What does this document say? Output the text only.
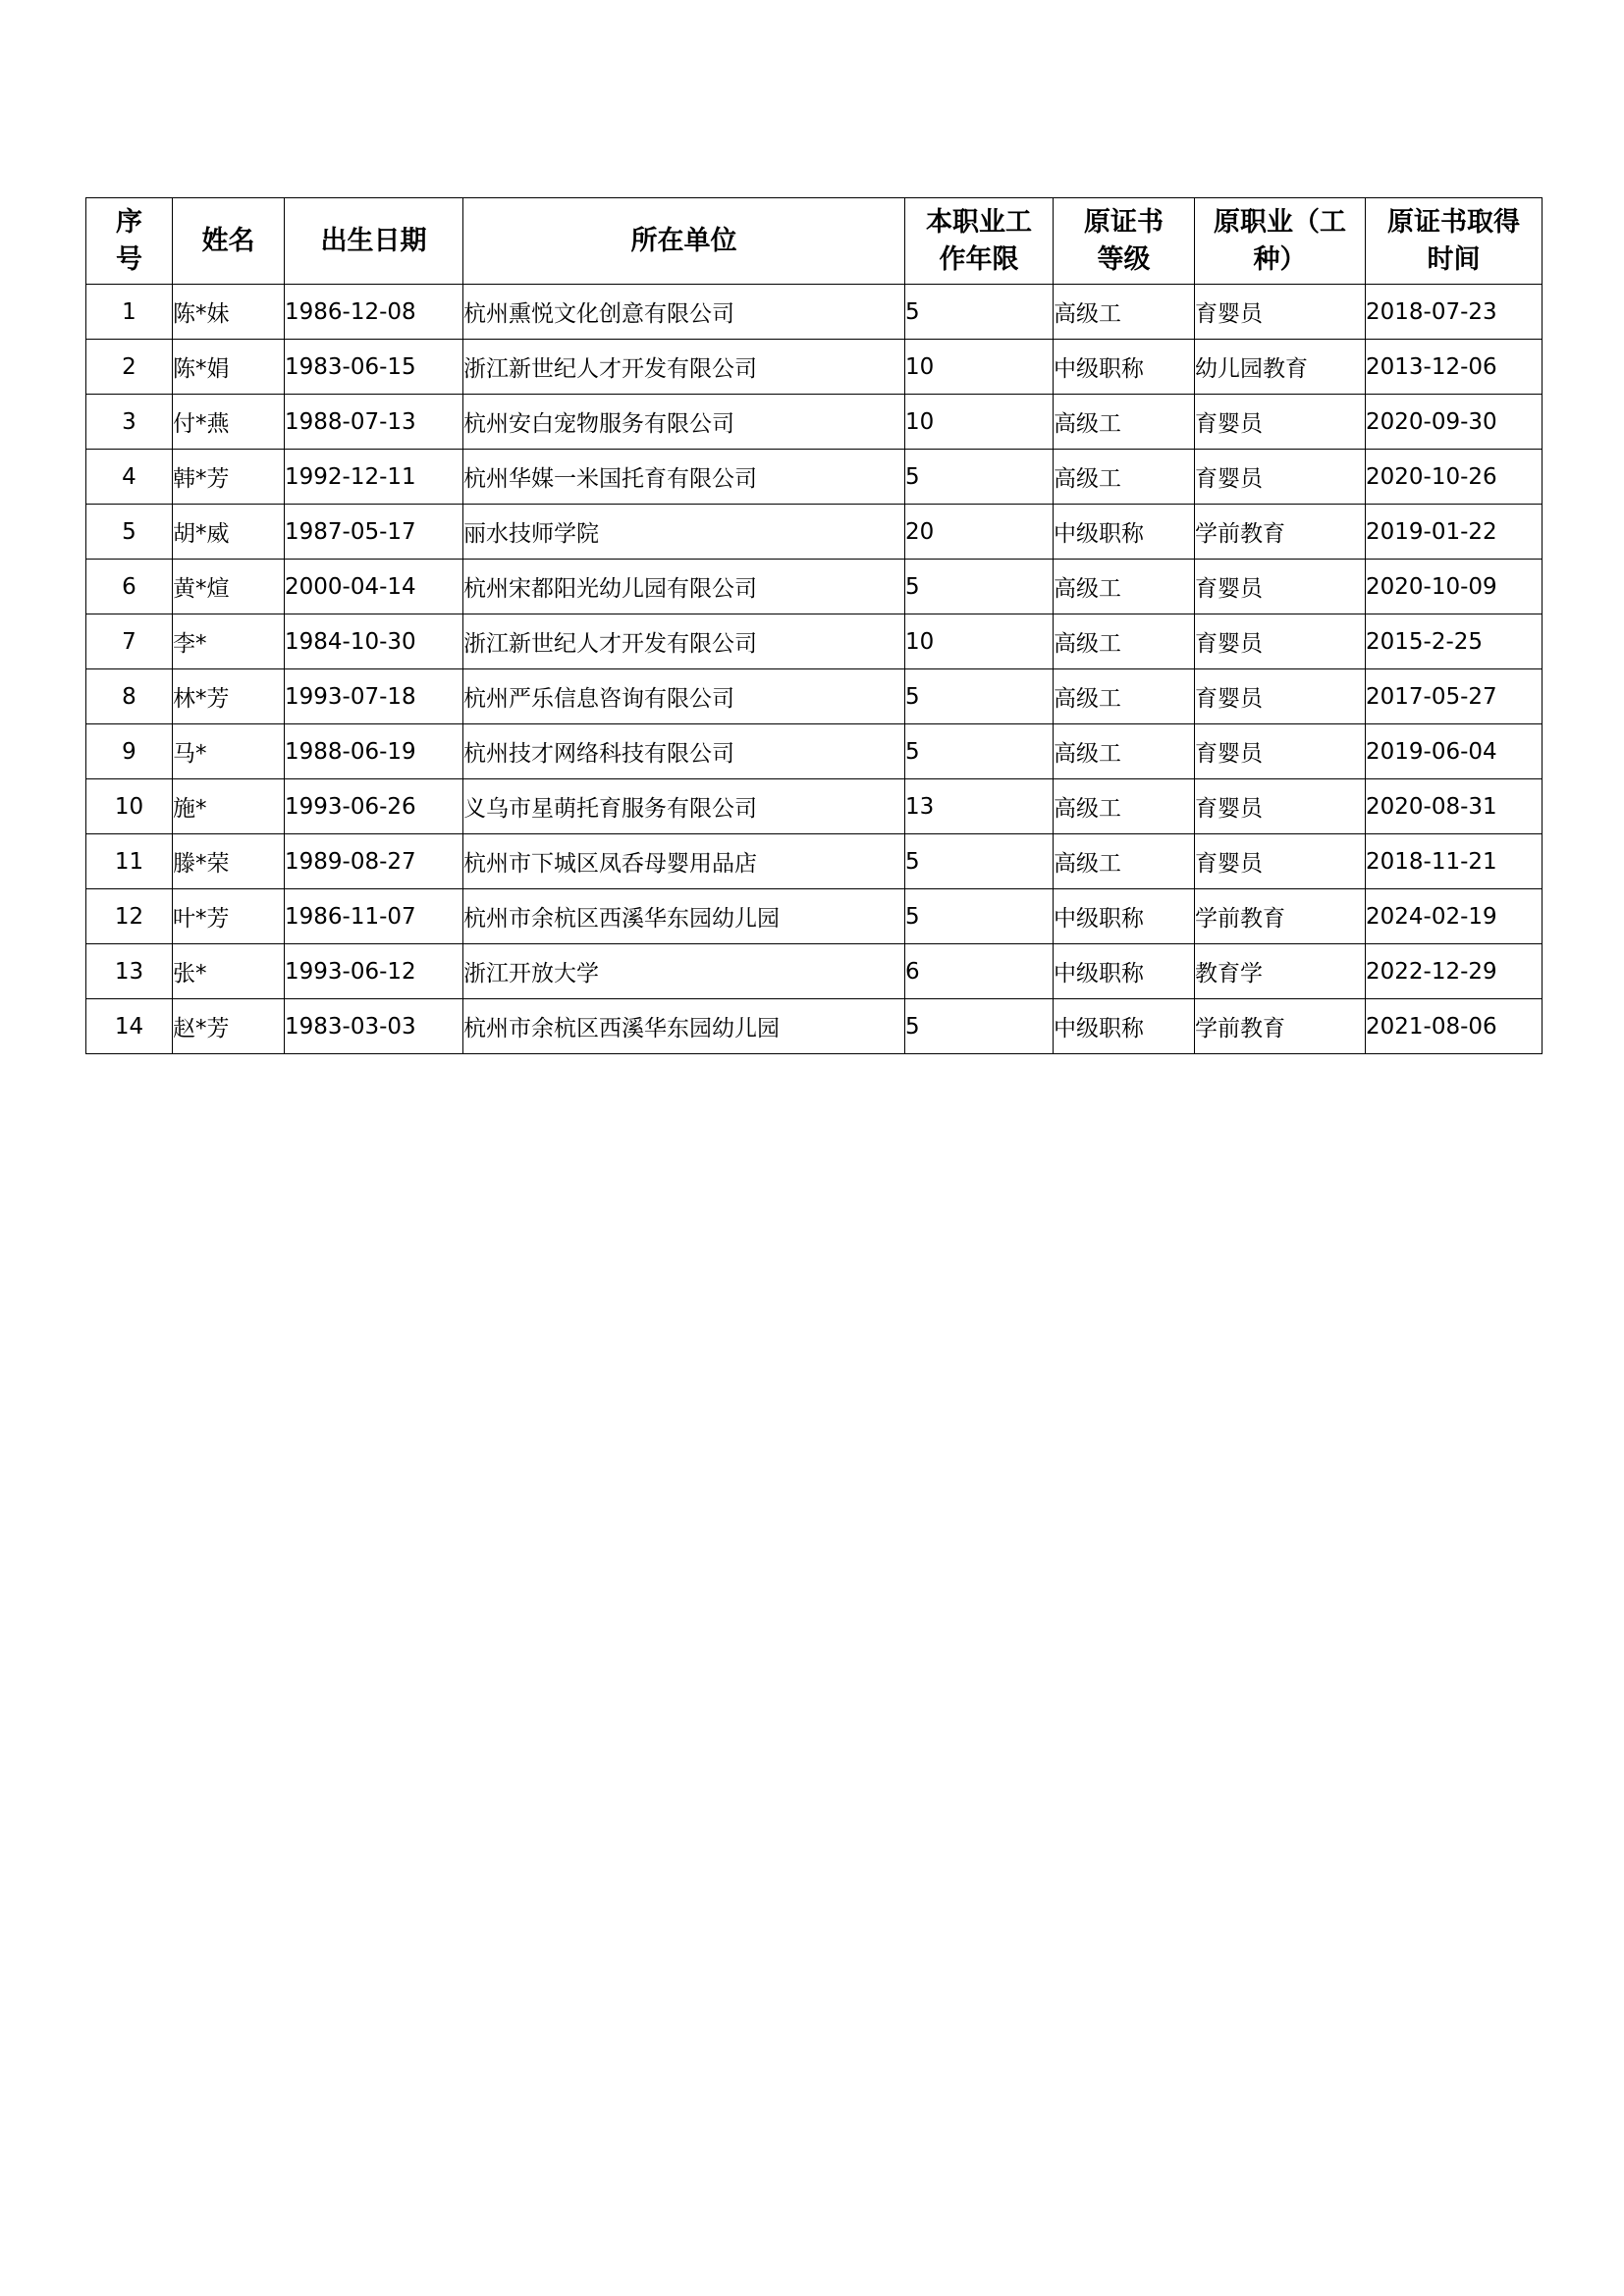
序号	姓名	出生日期	所在单位	本职业工作年限	原证书等级	原职业（工种）	原证书取得时间
1	陈*妹	1986-12-08	杭州熏悦文化创意有限公司	5	高级工	育婴员	2018-07-23
2	陈*娟	1983-06-15	浙江新世纪人才开发有限公司	10	中级职称	幼儿园教育	2013-12-06
3	付*燕	1988-07-13	杭州安白宠物服务有限公司	10	高级工	育婴员	2020-09-30
4	韩*芳	1992-12-11	杭州华媒一米国托育有限公司	5	高级工	育婴员	2020-10-26
5	胡*威	1987-05-17	丽水技师学院	20	中级职称	学前教育	2019-01-22
6	黄*煊	2000-04-14	杭州宋都阳光幼儿园有限公司	5	高级工	育婴员	2020-10-09
7	李*	1984-10-30	浙江新世纪人才开发有限公司	10	高级工	育婴员	2015-2-25
8	林*芳	1993-07-18	杭州严乐信息咨询有限公司	5	高级工	育婴员	2017-05-27
9	马*	1988-06-19	杭州技才网络科技有限公司	5	高级工	育婴员	2019-06-04
10	施*	1993-06-26	义乌市星萌托育服务有限公司	13	高级工	育婴员	2020-08-31
11	滕*荣	1989-08-27	杭州市下城区凤呑母婴用品店	5	高级工	育婴员	2018-11-21
12	叶*芳	1986-11-07	杭州市余杭区西溪华东园幼儿园	5	中级职称	学前教育	2024-02-19
13	张*	1993-06-12	浙江开放大学	6	中级职称	教育学	2022-12-29
14	赵*芳	1983-03-03	杭州市余杭区西溪华东园幼儿园	5	中级职称	学前教育	2021-08-06
